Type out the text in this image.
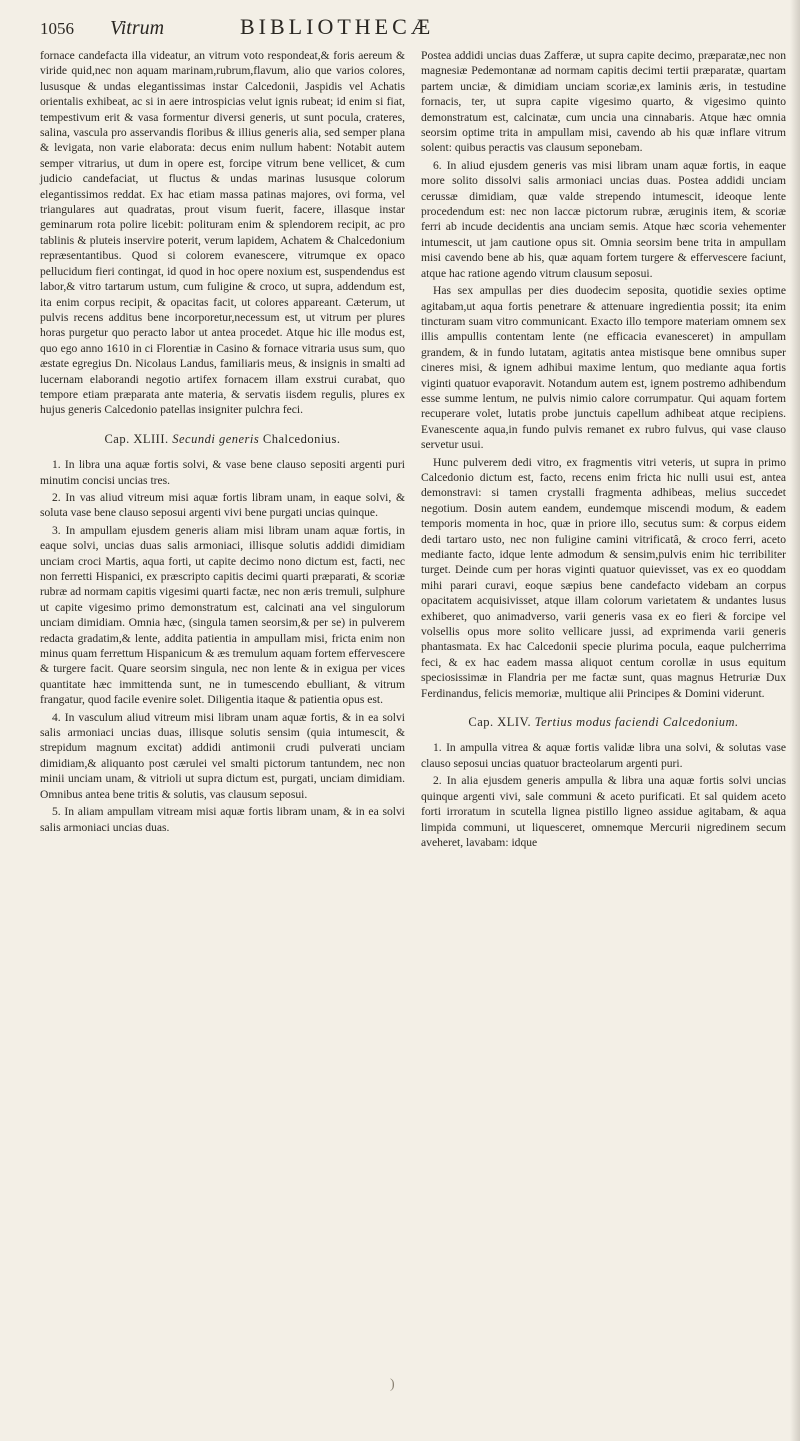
1056	Vitrum	BIBLIOTHECÆ

fornace candefacta illa videatur, an vitrum voto respondeat,& foris aereum & viride quid,nec non aquam marinam,rubrum,flavum, alio que varios colores, lususque & undas elegantissimas instar Calcedonii, Jaspidis vel Achatis orientalis exhibeat, ac si in aere introspicias velut ignis rubeat; id enim si fiat, tempestivum erit & vasa formentur diversi generis, ut sunt pocula, crateres, salina, vascula pro asservandis floribus & illius generis alia, sed semper plana & levigata, non varie elaborata: decus enim nullum habent: Notabit autem semper vitrarius, ut dum in opere est, forcipe vitrum bene vellicet, & cum judicio candefaciat, ut fluctus & undas marinas lususque colorum elegantissimos reddat. Ex hac etiam massa patinas majores, ovi forma, vel triangulares aut quadratas, prout visum fuerit, facere, illasque instar geminarum rota polire licebit: polituram enim & splendorem recipit, ac pro tablinis & pluteis inservire poterit, verum lapidem, Achatem & Chalcedonium repræsentantibus. Quod si colorem evanescere, vitrumque ex opaco pellucidum fieri contingat, id quod in hoc opere noxium est, suspendendus est labor,& vitro tartarum ustum, cum fuligine & croco, ut supra, addendum est, ita enim corpus recipit, & opacitas facit, ut colores appareant. Cæterum, ut pulvis recens additus bene incorporetur,necessum est, ut vitrum per plures horas purgetur quo peracto labor ut antea procedet. Atque hic ille modus est, quo ego anno 1610 in ci Florentiæ in Casino & fornace vitraria usus sum, quo æstate egregius Dn. Nicolaus Landus, familiaris meus, & insignis in smalti ad lucernam elaborandi negotio artifex fornacem illam exstrui curabat, quo tempore etiam præparata ante materia, & servatis iisdem regulis, plures ex hujus generis Calcedonio patellas insigniter pulchra feci.

Cap. XLIII. Secundi generis Chalcedonius.

1. In libra una aquæ fortis solvi, & vase bene clauso sepositi argenti puri minutim concisi uncias tres.

2. In vas aliud vitreum misi aquæ fortis libram unam, in eaque solvi, & soluta vase bene clauso seposui argenti vivi bene purgati uncias quinque.

3. In ampullam ejusdem generis aliam misi libram unam aquæ fortis, in eaque solvi, uncias duas salis armoniaci, illisque solutis addidi dimidiam unciam croci Martis, aqua forti, ut capite decimo nono dictum est, facti, nec non ferretti Hispanici, ex præscripto capitis decimi quarti præparati, & scoriæ rubræ ad normam capitis vigesimi quarti factæ, nec non æris tremuli, sulphure ut capite vigesimo primo demonstratum est, calcinati ana vel singulorum unciam dimidiam. Omnia hæc, (singula tamen seorsim,& per se) in pulverem redacta gradatim,& lente, addita patientia in ampullam misi, fricta enim non minus quam ferrettum Hispanicum & æs tremulum aquam fortem effervescere & turgere facit. Quare seorsim singula, nec non lente & in exigua per vices quantitate hæc immittenda sunt, ne in tumescendo ebulliant, & vitrum frangatur, quod facile evenire solet. Diligentia itaque & patientia opus est.

4. In vasculum aliud vitreum misi libram unam aquæ fortis, & in ea solvi salis armoniaci uncias duas, illisque solutis sensim (quia intumescit, & strepidum magnum excitat) addidi antimonii crudi pulverati unciam dimidiam,& aliquanto post cærulei vel smalti pictorum tantundem, nec non minii unciam unam, & vitrioli ut supra dictum est, purgati, unciam dimidiam. Omnibus antea bene tritis & solutis, vas clausum seposui.

5. In aliam ampullam vitream misi aquæ fortis libram unam, & in ea solvi salis armoniaci uncias duas.

Postea addidi uncias duas Zafferæ, ut supra capite decimo, præparatæ,nec non magnesiæ Pedemontanæ ad normam capitis decimi tertii præparatæ, quartam partem unciæ, & dimidiam unciam scoriæ,ex laminis æris, in testudine fornacis, ter, ut supra capite vigesimo quarto, & vigesimo quinto demonstratum est, calcinatæ, cum uncia una cinnabaris. Atque hæc omnia seorsim optime trita in ampullam misi, cavendo ab his quæ inflare vitrum solent: quibus peractis vas clausum seponebam.

6. In aliud ejusdem generis vas misi libram unam aquæ fortis, in eaque more solito dissolvi salis armoniaci uncias duas. Postea addidi unciam cerussæ dimidiam, quæ valde strependo intumescit, ideoque lente procedendum est: nec non laccæ pictorum rubræ, æruginis item, & scoriæ ferri ab incude decidentis ana unciam semis. Atque hæc scoria vehementer intumescit, ut jam cautione opus sit. Omnia seorsim bene trita in ampullam misi cavendo bene ab his, quæ aquam fortem turgere & effervescere faciunt, atque hac ratione agendo vitrum clausum seposui.

Has sex ampullas per dies duodecim seposita, quotidie sexies optime agitabam,ut aqua fortis penetrare & attenuare ingredientia possit; ita enim tincturam suam vitro communicant. Exacto illo tempore materiam omnem sex illis ampullis contentam lente (ne efficacia evanesceret) in ampullam grandem, & in fundo lutatam, agitatis antea mistisque bene omnibus super cineres misi, & ignem adhibui maxime lentum, quo mediante aqua fortis viginti quatuor evaporavit. Notandum autem est, ignem postremo adhibendum esse summe lentum, ne pulvis nimio calore corrumpatur. Qui aquam fortem recuperare volet, lutatis probe junctuis capellum adhibeat atque recipiens. Evanescente aqua,in fundo pulvis remanet ex rubro fulvus, qui vase clauso servetur usui.

Hunc pulverem dedi vitro, ex fragmentis vitri veteris, ut supra in primo Calcedonio dictum est, facto, recens enim fricta hic nulli usui est, antea demonstravi: si tamen crystalli fragmenta adhibeas, melius succedet negotium. Dosin autem eandem, eundemque miscendi modum, & eadem temporis momenta in hoc, quæ in priore illo, secutus sum: & corpus eidem dedi tartaro usto, nec non fuligine camini vitrificatâ, & croco ferri, aceto mediante facto, idque lente admodum & sensim,pulvis enim hic terribiliter turget. Deinde cum per horas viginti quatuor quievisset, vas ex eo quoddam mihi parari curavi, eoque sæpius bene candefacto videbam an corpus opacitatem acquisivisset, atque illam colorum varietatem & undantes lusus exhiberet, quo animadverso, varii generis vasa ex eo fieri & forcipe vel volsellis opus more solito vellicare jussi, ad exprimenda varii generis phantasmata. Ex hac Calcedonii specie plurima pocula, eaque pulcherrima feci, & ex hac eadem massa aliquot centum corollæ in usus equitum speciosissimæ in Flandria per me factæ sunt, quas magnus Hetruriæ Dux Ferdinandus, felicis memoriæ, multique alii Principes & Domini viderunt.

Cap. XLIV. Tertius modus faciendi Calcedonium.

1. In ampulla vitrea & aquæ fortis validæ libra una solvi, & solutas vase clauso seposui uncias quatuor bracteolarum argenti puri.

2. In alia ejusdem generis ampulla & libra una aquæ fortis solvi uncias quinque argenti vivi, sale communi & aceto purificati. Et sal quidem aceto forti irroratum in scutella lignea pistillo ligneo assidue agitabam, & aqua limpida communi, ut liquesceret, omnemque Mercurii nigredinem secum aveheret, lavabam: idque

)
